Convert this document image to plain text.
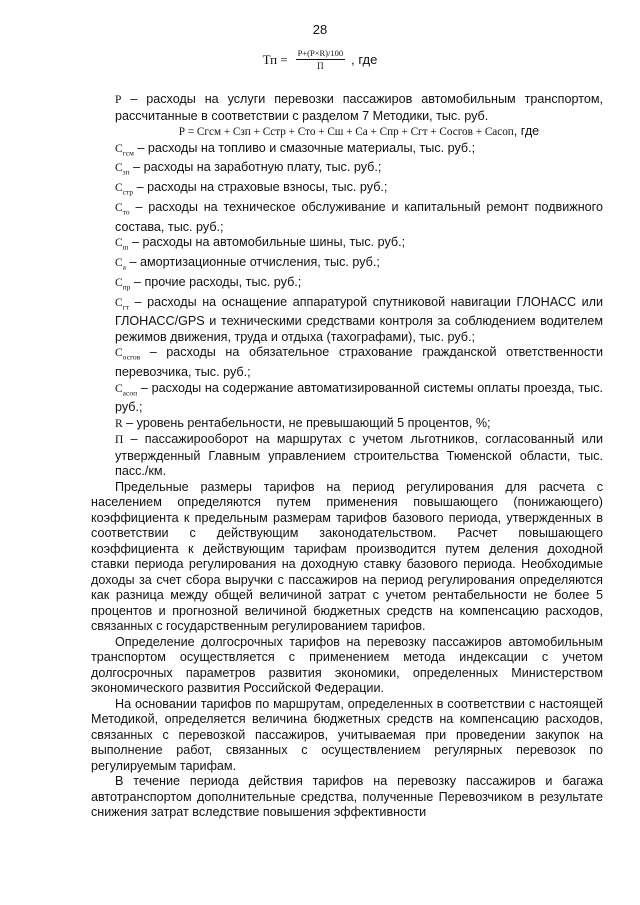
28
Тп = $\frac{Р+(Р\times R)/100}{П}$ , где

Р – расходы на услуги перевозки пассажиров автомобильным транспортом, рассчитанные в соответствии с разделом 7 Методики, тыс. руб.

Р = Сгсм + Сзп + Сстр + Сто + Сш + Са + Спр + Сгт + Сосгов + Сасоп, где

$С_{гсм}$ – расходы на топливо и смазочные материалы, тыс. руб.;

$С_{зп}$ – расходы на заработную плату, тыс. руб.;

$С_{стр}$ – расходы на страховые взносы, тыс. руб.;

$С_{то}$ – расходы на техническое обслуживание и капитальный ремонт подвижного состава, тыс. руб.;

$С_ш$ – расходы на автомобильные шины, тыс. руб.;

$С_а$ – амортизационные отчисления, тыс. руб.;

$С_{пр}$ – прочие расходы, тыс. руб.;

$С_{гт}$ – расходы на оснащение аппаратурой спутниковой навигации ГЛОНАСС или ГЛОНАСС/GPS и техническими средствами контроля за соблюдением водителем режимов движения, труда и отдыха (тахографами), тыс. руб.;

$С_{осгов}$ – расходы на обязательное страхование гражданской ответственности перевозчика, тыс. руб.;

$С_{асоп}$ – расходы на содержание автоматизированной системы оплаты проезда, тыс. руб.;

R – уровень рентабельности, не превышающий 5 процентов, %;

П – пассажирооборот на маршрутах с учетом льготников, согласованный или утвержденный Главным управлением строительства Тюменской области, тыс. пасс./км.

Предельные размеры тарифов на период регулирования для расчета с населением определяются путем применения повышающего (понижающего) коэффициента к предельным размерам тарифов базового периода, утвержденных в соответствии с действующим законодательством. Расчет повышающего коэффициента к действующим тарифам производится путем деления доходной ставки периода регулирования на доходную ставку базового периода. Необходимые доходы за счет сбора выручки с пассажиров на период регулирования определяются как разница между общей величиной затрат с учетом рентабельности не более 5 процентов и прогнозной величиной бюджетных средств на компенсацию расходов, связанных с государственным регулированием тарифов.

Определение долгосрочных тарифов на перевозку пассажиров автомобильным транспортом осуществляется с применением метода индексации с учетом долгосрочных параметров развития экономики, определенных Министерством экономического развития Российской Федерации.

На основании тарифов по маршрутам, определенных в соответствии с настоящей Методикой, определяется величина бюджетных средств на компенсацию расходов, связанных с перевозкой пассажиров, учитываемая при проведении закупок на выполнение работ, связанных с осуществлением регулярных перевозок по регулируемым тарифам.

В течение периода действия тарифов на перевозку пассажиров и багажа автотранспортом дополнительные средства, полученные Перевозчиком в результате снижения затрат вследствие повышения эффективности
